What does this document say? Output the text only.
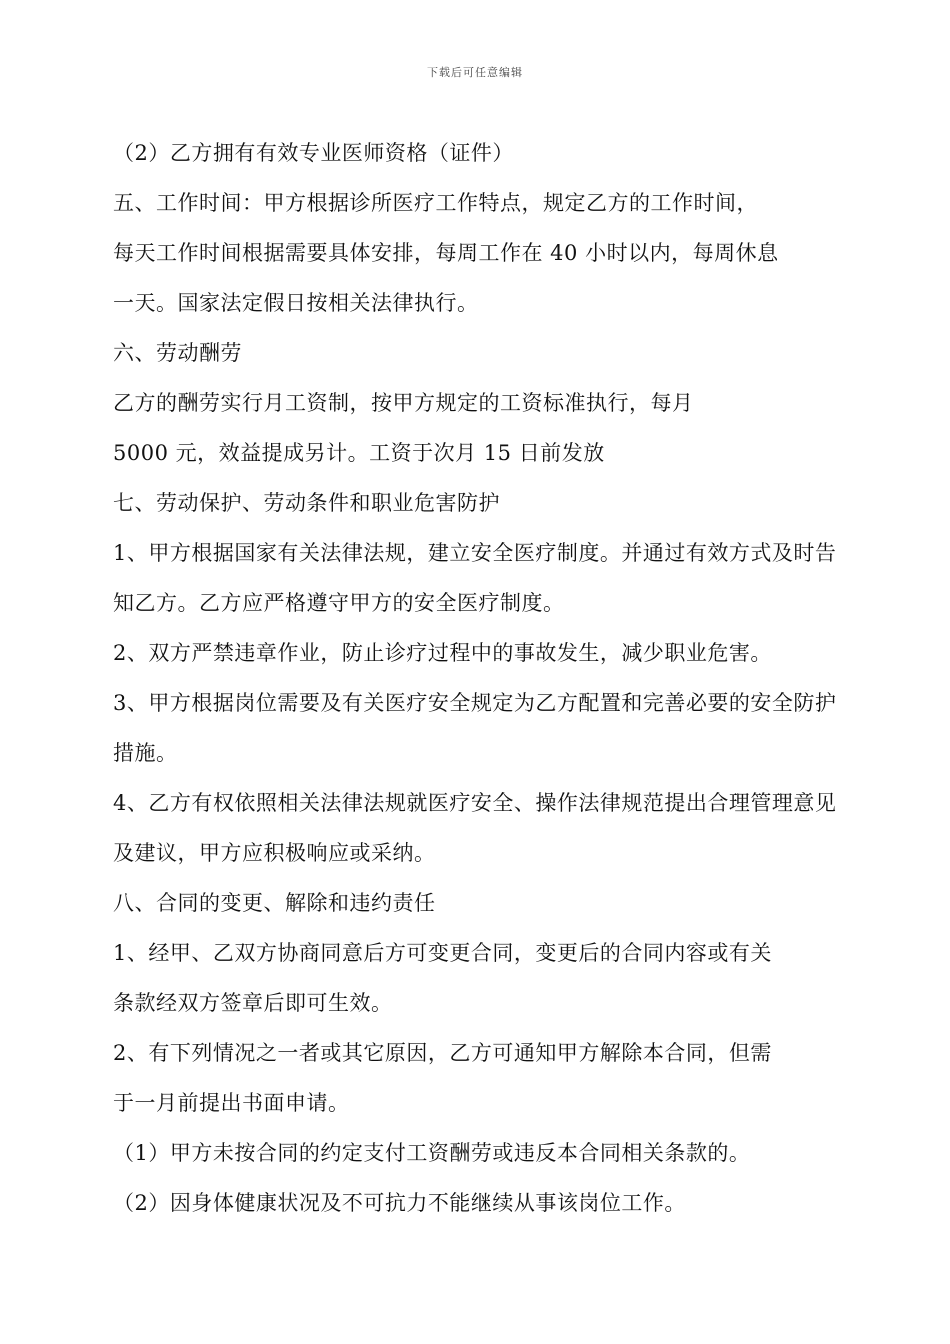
下载后可任意编辑
（2）乙方拥有有效专业医师资格（证件）
五、工作时间：甲方根据诊所医疗工作特点，规定乙方的工作时间，
每天工作时间根据需要具体安排，每周工作在 40 小时以内，每周休息
一天。国家法定假日按相关法律执行。
六、劳动酬劳
乙方的酬劳实行月工资制，按甲方规定的工资标准执行，每月
5000 元，效益提成另计。工资于次月 15 日前发放
七、劳动保护、劳动条件和职业危害防护
1、甲方根据国家有关法律法规，建立安全医疗制度。并通过有效方式及时告
知乙方。乙方应严格遵守甲方的安全医疗制度。
2、双方严禁违章作业，防止诊疗过程中的事故发生，减少职业危害。
3、甲方根据岗位需要及有关医疗安全规定为乙方配置和完善必要的安全防护
措施。
4、乙方有权依照相关法律法规就医疗安全、操作法律规范提出合理管理意见
及建议，甲方应积极响应或采纳。
八、合同的变更、解除和违约责任
1、经甲、乙双方协商同意后方可变更合同，变更后的合同内容或有关
条款经双方签章后即可生效。
2、有下列情况之一者或其它原因，乙方可通知甲方解除本合同，但需
于一月前提出书面申请。
（1）甲方未按合同的约定支付工资酬劳或违反本合同相关条款的。
（2）因身体健康状况及不可抗力不能继续从事该岗位工作。
